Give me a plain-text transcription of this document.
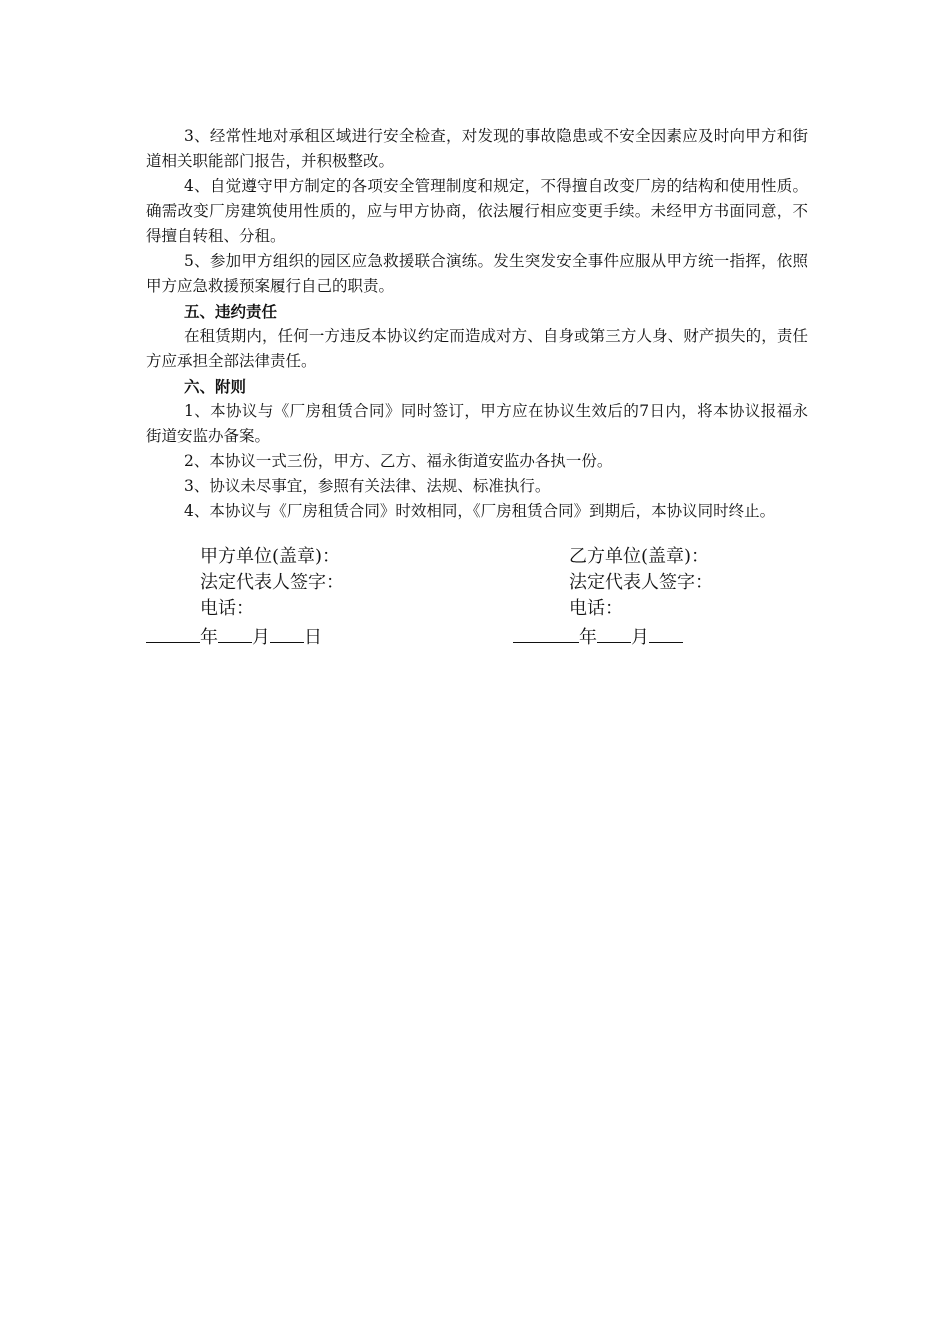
3、经常性地对承租区域进行安全检查，对发现的事故隐患或不安全因素应及时向甲方和街道相关职能部门报告，并积极整改。

4、自觉遵守甲方制定的各项安全管理制度和规定，不得擅自改变厂房的结构和使用性质。确需改变厂房建筑使用性质的，应与甲方协商，依法履行相应变更手续。未经甲方书面同意，不得擅自转租、分租。

5、参加甲方组织的园区应急救援联合演练。发生突发安全事件应服从甲方统一指挥，依照甲方应急救援预案履行自己的职责。

五、违约责任

在租赁期内，任何一方违反本协议约定而造成对方、自身或第三方人身、财产损失的，责任方应承担全部法律责任。

六、附则

1、本协议与《厂房租赁合同》同时签订，甲方应在协议生效后的7日内，将本协议报福永街道安监办备案。

2、本协议一式三份，甲方、乙方、福永街道安监办各执一份。

3、协议未尽事宜，参照有关法律、法规、标准执行。

4、本协议与《厂房租赁合同》时效相同，《厂房租赁合同》到期后，本协议同时终止。

甲方单位(盖章)：

法定代表人签字：

电话：

乙方单位(盖章)：

法定代表人签字：

电话：

年 月 日	年 月
